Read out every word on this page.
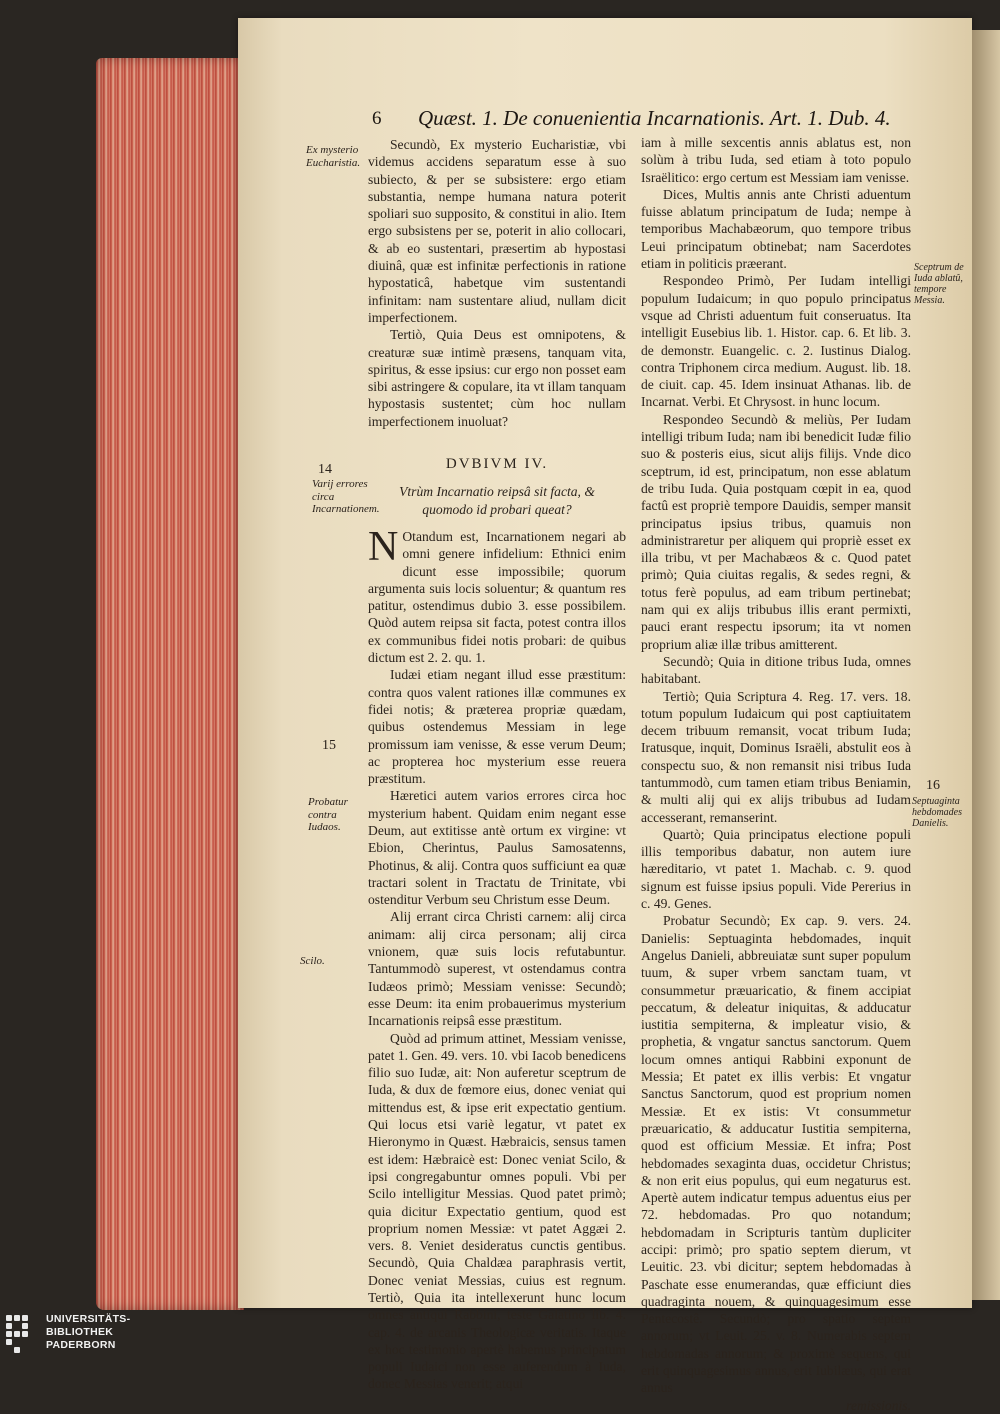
6 Quæst. 1. De conuenientia Incarnationis. Art. 1. Dub. 4.
Ex mysterio Eucharistia.
14
Varij errores circa Incarnationem.
15
Probatur contra Iudaos.
Scilo.
Sceptrum de Iuda ablatû, tempore Messia.
16
Septuaginta hebdomades Danielis.

Secundò, Ex mysterio Eucharistiæ, vbi videmus accidens separatum esse à suo subiecto, & per se subsistere: ergo etiam substantia, nempe humana natura poterit spoliari suo supposito, & constitui in alio. Item ergo subsistens per se, poterit in alio collocari, & ab eo sustentari, præsertim ab hypostasi diuinâ, quæ est infinitæ perfectionis in ratione hypostaticâ, habetque vim sustentandi infinitam: nam sustentare aliud, nullam dicit imperfectionem.

Tertiò, Quia Deus est omnipotens, & creaturæ suæ intimè præsens, tanquam vita, spiritus, & esse ipsius: cur ergo non posset eam sibi astringere & copulare, ita vt illam tanquam hypostasis sustentet; cùm hoc nullam imperfectionem inuoluat?

DVBIVM IV.
Vtrùm Incarnatio reipsâ sit facta, & quomodo id probari queat?

N Otandum est, Incarnationem negari ab omni genere infidelium: Ethnici enim dicunt esse impossibile; quorum argumenta suis locis soluentur; & quantum res patitur, ostendimus dubio 3. esse possibilem. Quòd autem reipsa sit facta, potest contra illos ex communibus fidei notis probari: de quibus dictum est 2. 2. qu. 1.

Iudæi etiam negant illud esse præstitum: contra quos valent rationes illæ communes ex fidei notis; & præterea propriæ quædam, quibus ostendemus Messiam in lege promissum iam venisse, & esse verum Deum; ac propterea hoc mysterium esse reuera præstitum.

Hæretici autem varios errores circa hoc mysterium habent. Quidam enim negant esse Deum, aut extitisse antè ortum ex virgine: vt Ebion, Cherintus, Paulus Samosatenns, Photinus, & alij. Contra quos sufficiunt ea quæ tractari solent in Tractatu de Trinitate, vbi ostenditur Verbum seu Christum esse Deum.

Alij errant circa Christi carnem: alij circa animam: alij circa personam; alij circa vnionem, quæ suis locis refutabuntur. Tantummodò superest, vt ostendamus contra Iudæos primò; Messiam venisse: Secundò; esse Deum: ita enim probauerimus mysterium Incarnationis reipsâ esse præstitum.

Quòd ad primum attinet, Messiam venisse, patet 1. Gen. 49. vers. 10. vbi Iacob benedicens filio suo Iudæ, ait: Non auferetur sceptrum de Iuda, & dux de fœmore eius, donec veniat qui mittendus est, & ipse erit expectatio gentium. Qui locus etsi variè legatur, vt patet ex Hieronymo in Quæst. Hæbraicis, sensus tamen est idem: Hæbraicè est: Donec veniat Scilo, & ipsi congregabuntur omnes populi. Vbi per Scilo intelligitur Messias. Quod patet primò; quia dicitur Expectatio gentium, quod est proprium nomen Messiæ: vt patet Aggæi 2. vers. 8. Veniet desideratus cunctis gentibus. Secundò, Quia Chaldæa paraphrasis vertit, Donec veniat Messias, cuius est regnum. Tertiò, Quia ita intellexerunt hunc locum omnes antiqui Rabbini, teste Galatino lib. 4. cap. 4. de arcanis Theologicæ veritatis. Itaque ex hoc testimonio apertè habemus principatum populi Iudaici non esse auferendum à Iuda, donec Messias venerit; atqui

iam à mille sexcentis annis ablatus est, non solùm à tribu Iuda, sed etiam à toto populo Israëlitico: ergo certum est Messiam iam venisse.

Dices, Multis annis ante Christi aduentum fuisse ablatum principatum de Iuda; nempe à temporibus Machabæorum, quo tempore tribus Leui principatum obtinebat; nam Sacerdotes etiam in politicis præerant.

Respondeo Primò, Per Iudam intelligi populum Iudaicum; in quo populo principatus vsque ad Christi aduentum fuit conseruatus. Ita intelligit Eusebius lib. 1. Histor. cap. 6. Et lib. 3. de demonstr. Euangelic. c. 2. Iustinus Dialog. contra Triphonem circa medium. August. lib. 18. de ciuit. cap. 45. Idem insinuat Athanas. lib. de Incarnat. Verbi. Et Chrysost. in hunc locum.

Respondeo Secundò & meliùs, Per Iudam intelligi tribum Iuda; nam ibi benedicit Iudæ filio suo & posteris eius, sicut alijs filijs. Vnde dico sceptrum, id est, principatum, non esse ablatum de tribu Iuda. Quia postquam cœpit in ea, quod factû est propriè tempore Dauidis, semper mansit principatus ipsius tribus, quamuis non administraretur per aliquem qui propriè esset ex illa tribu, vt per Machabæos & c. Quod patet primò; Quia ciuitas regalis, & sedes regni, & totus ferè populus, ad eam tribum pertinebat; nam qui ex alijs tribubus illis erant permixti, pauci erant respectu ipsorum; ita vt nomen proprium aliæ illæ tribus amitterent.

Secundò; Quia in ditione tribus Iuda, omnes habitabant.

Tertiò; Quia Scriptura 4. Reg. 17. vers. 18. totum populum Iudaicum qui post captiuitatem decem tribuum remansit, vocat tribum Iuda; Iratusque, inquit, Dominus Israëli, abstulit eos à conspectu suo, & non remansit nisi tribus Iuda tantummodò, cum tamen etiam tribus Beniamin, & multi alij qui ex alijs tribubus ad Iudam accesserant, remanserint.

Quartò; Quia principatus electione populi illis temporibus dabatur, non autem iure hæreditario, vt patet 1. Machab. c. 9. quod signum est fuisse ipsius populi. Vide Pererius in c. 49. Genes.

Probatur Secundò; Ex cap. 9. vers. 24. Danielis: Septuaginta hebdomades, inquit Angelus Danieli, abbreuiatæ sunt super populum tuum, & super vrbem sanctam tuam, vt consummetur præuaricatio, & finem accipiat peccatum, & deleatur iniquitas, & adducatur iustitia sempiterna, & impleatur visio, & prophetia, & vngatur sanctus sanctorum. Quem locum omnes antiqui Rabbini exponunt de Messia; Et patet ex illis verbis: Et vngatur Sanctus Sanctorum, quod est proprium nomen Messiæ. Et ex istis: Vt consummetur præuaricatio, & adducatur Iustitia sempiterna, quod est officium Messiæ. Et infra; Post hebdomades sexaginta duas, occidetur Christus; & non erit eius populus, qui eum negaturus est. Apertè autem indicatur tempus aduentus eius per 72. hebdomadas. Pro quo notandum; hebdomadam in Scripturis tantùm dupliciter accipi: primò; pro spatio septem dierum, vt Leuitic. 23. vbi dicitur; septem hebdomadas à Paschate esse enumerandas, quæ efficiunt dies quadraginta nouem, & quinquagesimum esse Pentecostê. Secundò; pro spatio septem annorum; vt Leuit. 25. v. 8. Numerabis septem hebdomadas annorum; & proximè sequens, qui erit quinquagesimus annus, erit Iubilæus, qui erat annus

remissionis.
UNIVERSITÄTS-
BIBLIOTHEK
PADERBORN
